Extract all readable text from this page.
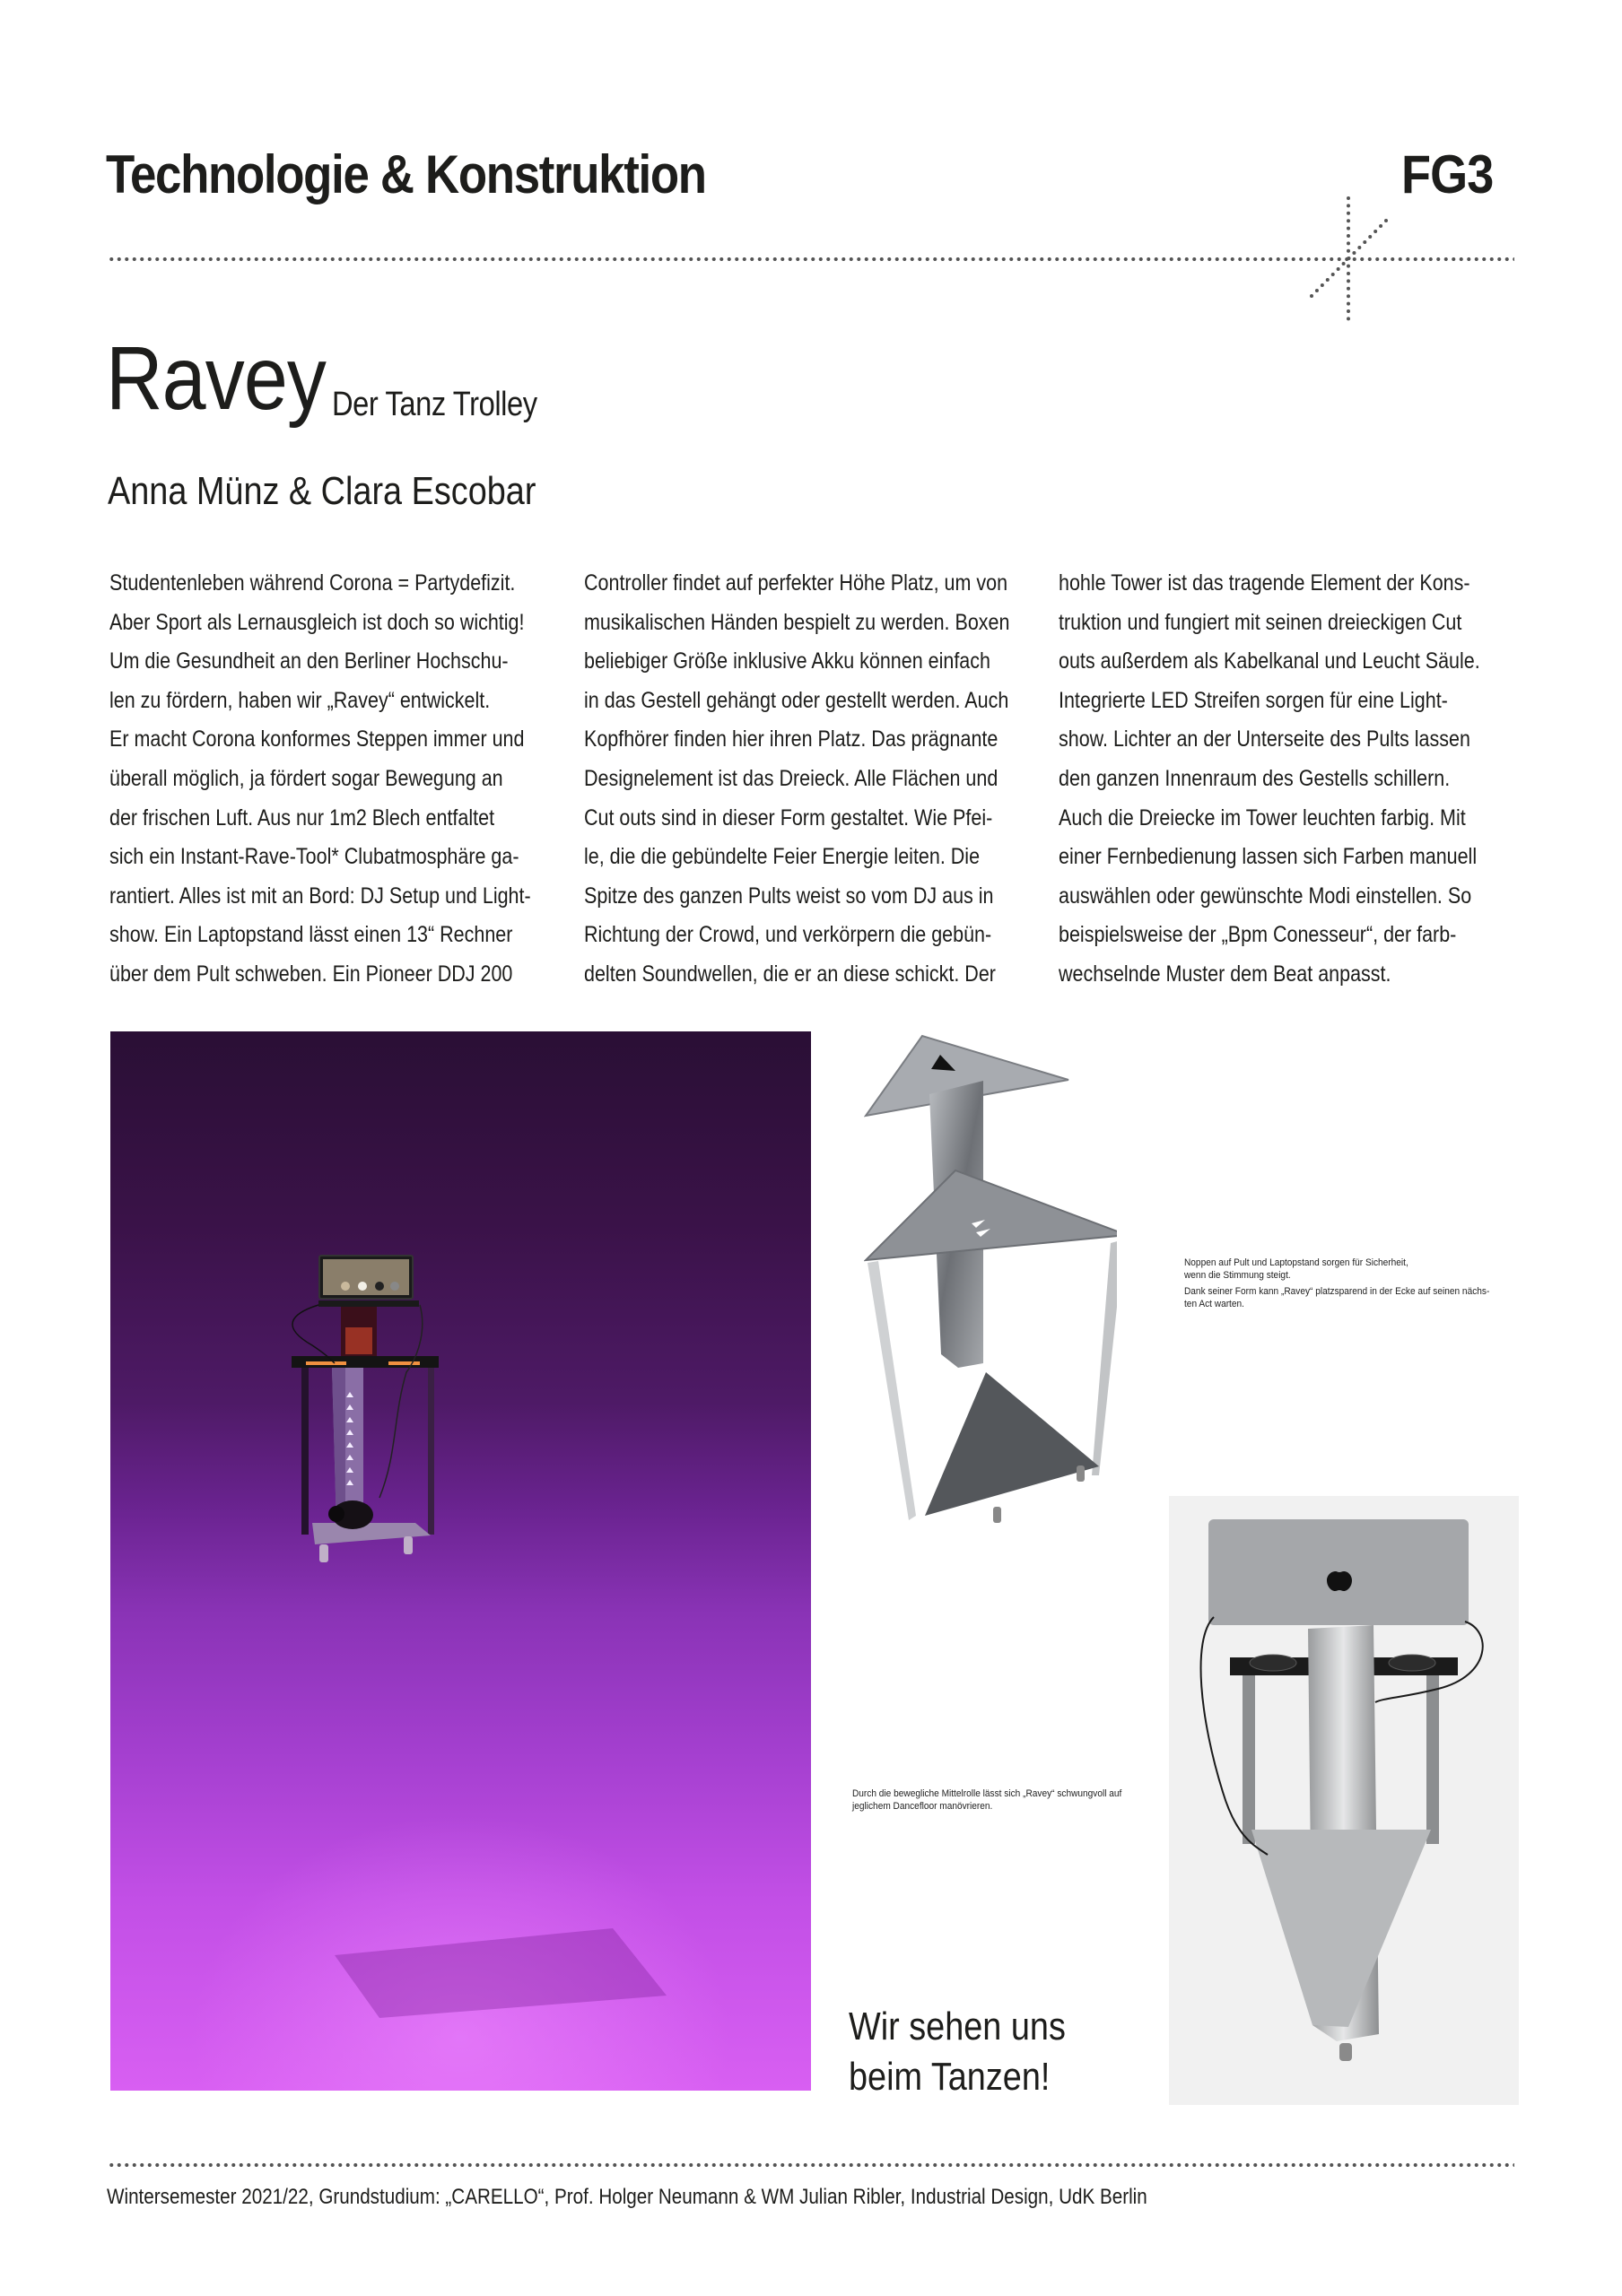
Technologie & Konstruktion	FG3
Ravey Der Tanz Trolley
Anna Münz & Clara Escobar
Studentenleben während Corona = Partydefizit.
Aber Sport als Lernausgleich ist doch so wichtig!
Um die Gesundheit an den Berliner Hochschu-
len zu fördern, haben wir „Ravey“ entwickelt.
Er macht Corona konformes Steppen immer und
überall möglich, ja fördert sogar Bewegung an
der frischen Luft. Aus nur 1m2 Blech entfaltet
sich ein Instant-Rave-Tool* Clubatmosphäre ga-
rantiert. Alles ist mit an Bord: DJ Setup und Light-
show. Ein Laptopstand lässt einen 13“ Rechner
über dem Pult schweben. Ein Pioneer DDJ 200
Controller findet auf perfekter Höhe Platz, um von
musikalischen Händen bespielt zu werden. Boxen
beliebiger Größe inklusive Akku können einfach
in das Gestell gehängt oder gestellt werden. Auch
Kopfhörer finden hier ihren Platz. Das prägnante
Designelement ist das Dreieck. Alle Flächen und
Cut outs sind in dieser Form gestaltet. Wie Pfei-
le, die die gebündelte Feier Energie leiten. Die
Spitze des ganzen Pults weist so vom DJ aus in
Richtung der Crowd, und verkörpern die gebün-
delten Soundwellen, die er an diese schickt. Der
hohle Tower ist das tragende Element der Kons-
truktion und fungiert mit seinen dreieckigen Cut
outs außerdem als Kabelkanal und Leucht Säule.
Integrierte LED Streifen sorgen für eine Light-
show. Lichter an der Unterseite des Pults lassen
den ganzen Innenraum des Gestells schillern.
Auch die Dreiecke im Tower leuchten farbig. Mit
einer Fernbedienung lassen sich Farben manuell
auswählen oder gewünschte Modi einstellen. So
beispielsweise der „Bpm Conesseur“, der farb-
wechselnde Muster dem Beat anpasst.
Noppen auf Pult und Laptopstand sorgen für Sicherheit,
wenn die Stimmung steigt.
Dank seiner Form kann „Ravey“ platzsparend in der Ecke auf seinen nächs-
ten Act warten.
Durch die bewegliche Mittelrolle lässt sich „Ravey“ schwungvoll auf
jeglichem Dancefloor manövrieren.
Wir sehen uns
beim Tanzen!
Wintersemester 2021/22, Grundstudium: „CARELLO“, Prof. Holger Neumann & WM Julian Ribler, Industrial Design, UdK Berlin
